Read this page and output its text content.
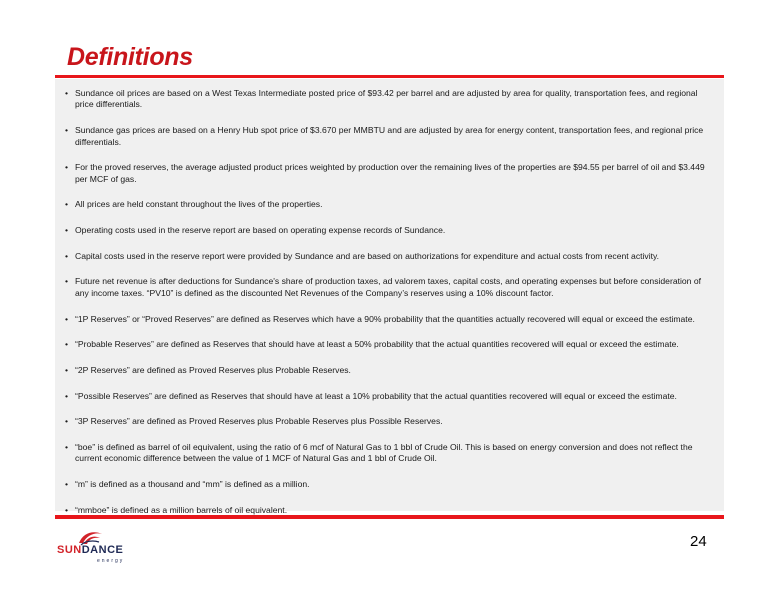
Definitions
• Sundance oil prices are based on a West Texas Intermediate posted price of $93.42 per barrel and are adjusted by area for quality, transportation fees, and regional price differentials.
• Sundance gas prices are based on a Henry Hub spot price of $3.670 per MMBTU and are adjusted by area for energy content, transportation fees, and regional price differentials.
• For the proved reserves, the average adjusted product prices weighted by production over the remaining lives of the properties are $94.55 per barrel of oil and $3.449 per MCF of gas.
• All prices are held constant throughout the lives of the properties.
• Operating costs used in the reserve report are based on operating expense records of Sundance.
• Capital costs used in the reserve report were provided by Sundance and are based on authorizations for expenditure and actual costs from recent activity.
• Future net revenue is after deductions for Sundance's share of production taxes, ad valorem taxes, capital costs, and operating expenses but before consideration of any income taxes. “PV10” is defined as the discounted Net Revenues of the Company’s reserves using a 10% discount factor.
• “1P Reserves” or “Proved Reserves” are defined as Reserves which have a 90% probability that the quantities actually recovered will equal or exceed the estimate.
• “Probable Reserves” are defined as Reserves that should have at least a 50% probability that the actual quantities recovered will equal or exceed the estimate.
• “2P Reserves” are defined as Proved Reserves plus Probable Reserves.
• “Possible Reserves” are defined as Reserves that should have at least a 10% probability that the actual quantities recovered will equal or exceed the estimate.
• “3P Reserves” are defined as Proved Reserves plus Probable Reserves plus Possible Reserves.
• “boe” is defined as barrel of oil equivalent, using the ratio of 6 mcf of Natural Gas to 1 bbl of Crude Oil. This is based on energy conversion and does not reflect the current economic difference between the value of 1 MCF of Natural Gas and 1 bbl of Crude Oil.
• “m” is defined as a thousand and “mm” is defined as a million.
• “mmboe” is defined as a million barrels of oil equivalent.
SUNDANCE
energy
24
